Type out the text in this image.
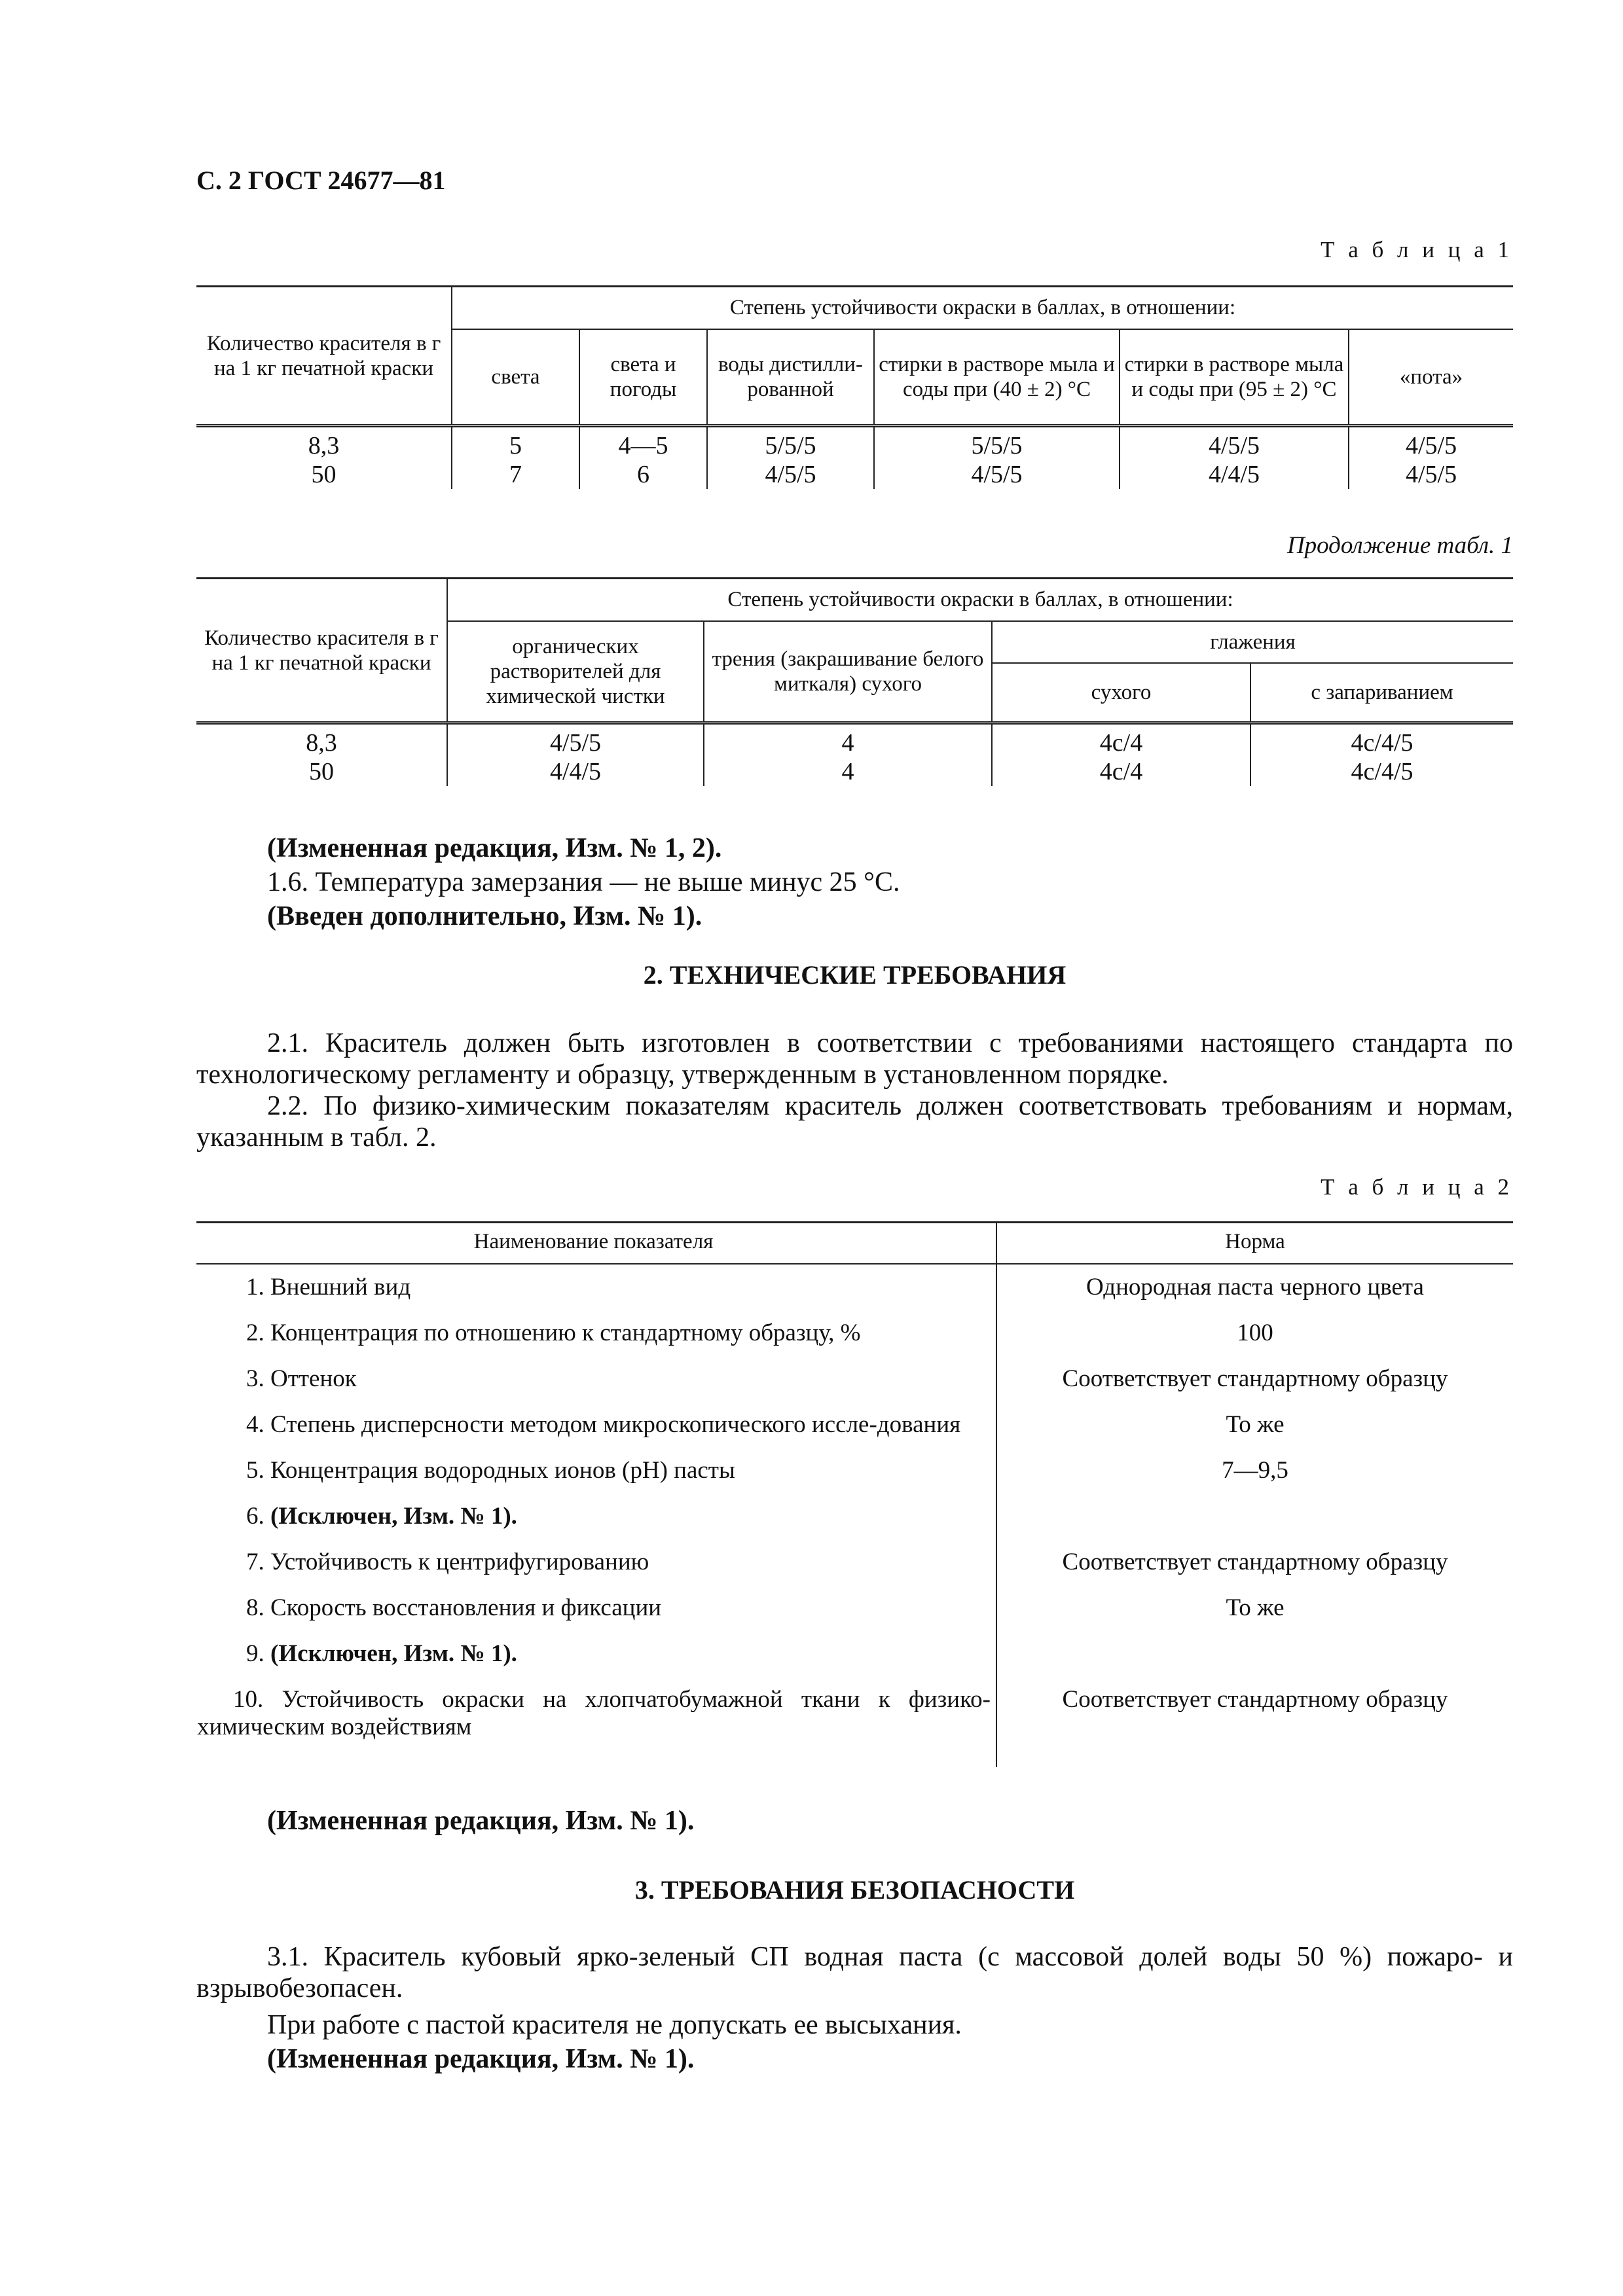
С. 2 ГОСТ 24677—81
Т а б л и ц а 1
Количество красителя в г на 1 кг печатной краски	Степень устойчивости окраски в баллах, в отношении:					
	света	света и погоды	воды дистилли-рованной	стирки в растворе мыла и соды при (40 ± 2) °С	стирки в растворе мыла и соды при (95 ± 2) °С	«пота»
8,3	5	4—5	5/5/5	5/5/5	4/5/5	4/5/5
50	7	6	4/5/5	4/5/5	4/4/5	4/5/5
Продолжение табл. 1
Количество красителя в г на 1 кг печатной краски	Степень устойчивости окраски в баллах, в отношении:			
	органических растворителей для химической чистки	трения (закрашивание белого миткаля) сухого	глажения	
			сухого	с запариванием
8,3	4/5/5	4	4с/4	4с/4/5
50	4/4/5	4	4с/4	4с/4/5

(Измененная редакция, Изм. № 1, 2).

1.6. Температура замерзания — не выше минус 25 °С.

(Введен дополнительно, Изм. № 1).

2. ТЕХНИЧЕСКИЕ ТРЕБОВАНИЯ

2.1. Краситель должен быть изготовлен в соответствии с требованиями настоящего стандарта по технологическому регламенту и образцу, утвержденным в установленном порядке.

2.2. По физико-химическим показателям краситель должен соответствовать требованиям и нормам, указанным в табл. 2.

Т а б л и ц а 2
Наименование показателя	Норма

1. Внешний вид	Однородная паста черного цвета

2. Концентрация по отношению к стандартному образцу, %	100

3. Оттенок	Соответствует стандартному образцу

4. Степень дисперсности методом микроскопического иссле-дования	То же

5. Концентрация водородных ионов (pH) пасты	7—9,5

6. (Исключен, Изм. № 1).	

7. Устойчивость к центрифугированию	Соответствует стандартному образцу

8. Скорость восстановления и фиксации	То же

9. (Исключен, Изм. № 1).	

10. Устойчивость окраски на хлопчатобумажной ткани к физико-химическим воздействиям	Соответствует стандартному образцу

(Измененная редакция, Изм. № 1).

3. ТРЕБОВАНИЯ БЕЗОПАСНОСТИ

3.1. Краситель кубовый ярко-зеленый СП водная паста (с массовой долей воды 50 %) пожаро- и взрывобезопасен.

При работе с пастой красителя не допускать ее высыхания.

(Измененная редакция, Изм. № 1).
